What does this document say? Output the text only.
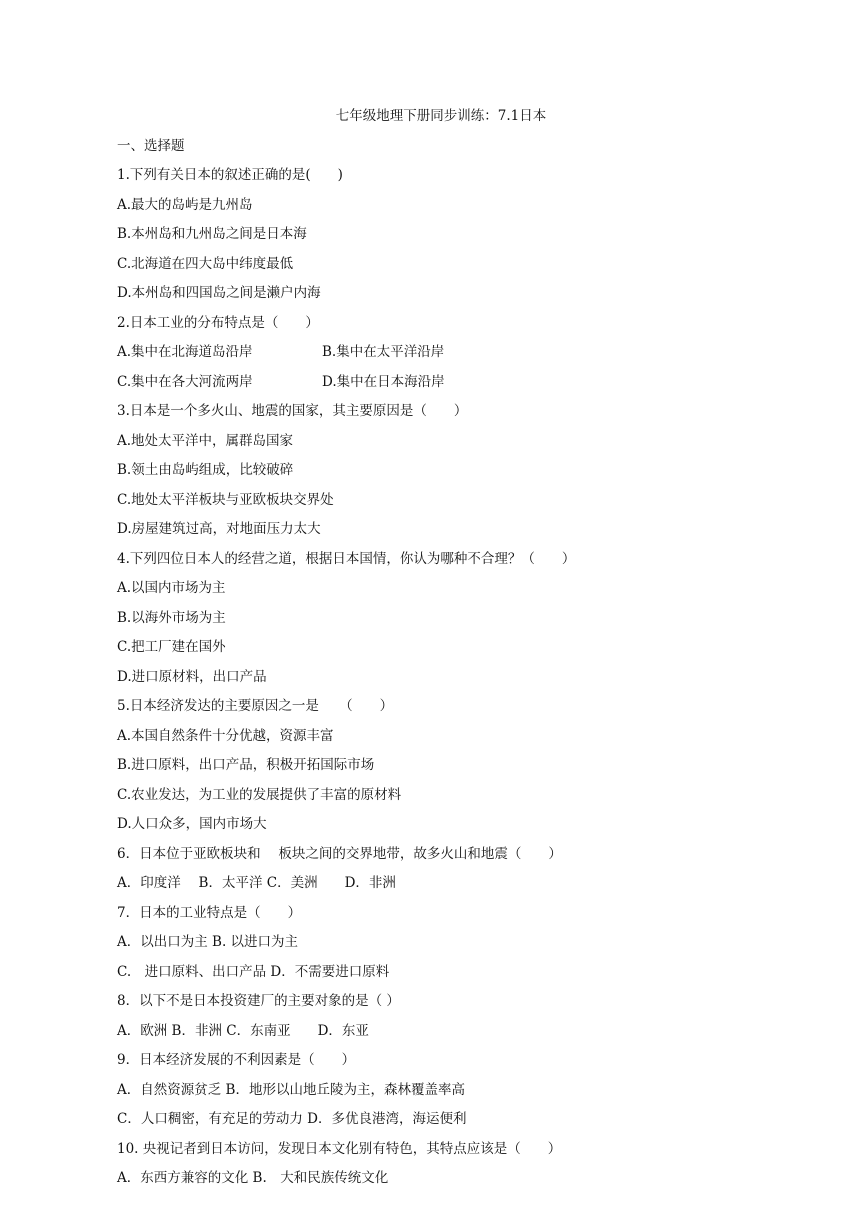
七年级地理下册同步训练：7.1日本
一、选择题
1.下列有关日本的叙述正确的是(　　)
A.最大的岛屿是九州岛
B.本州岛和九州岛之间是日本海
C.北海道在四大岛中纬度最低
D.本州岛和四国岛之间是濑户内海
2.日本工业的分布特点是（　　）
A.集中在北海道岛沿岸	B.集中在太平洋沿岸
C.集中在各大河流两岸	D.集中在日本海沿岸
3.日本是一个多火山、地震的国家，其主要原因是（　　）
A.地处太平洋中，属群岛国家
B.领土由岛屿组成，比较破碎
C.地处太平洋板块与亚欧板块交界处
D.房屋建筑过高，对地面压力太大
4.下列四位日本人的经营之道，根据日本国情，你认为哪种不合理？（　　）
A.以国内市场为主
B.以海外市场为主
C.把工厂建在国外
D.进口原材料，出口产品
5.日本经济发达的主要原因之一是　　（　　）
A.本国自然条件十分优越，资源丰富
B.进口原料，出口产品，积极开拓国际市场
C.农业发达，为工业的发展提供了丰富的原材料
D.人口众多，国内市场大
6．日本位于亚欧板块和　 板块之间的交界地带，故多火山和地震（　　）
A．印度洋　 B．太平洋 C．美洲　　D．非洲
7．日本的工业特点是（　　）
A．以出口为主 B. 以进口为主
C.　进口原料、出口产品 D．不需要进口原料
8．以下不是日本投资建厂的主要对象的是（ ）
A．欧洲 B．非洲 C．东南亚　　D．东亚
9．日本经济发展的不利因素是（　　）
A．自然资源贫乏 B．地形以山地丘陵为主，森林覆盖率高
C．人口稠密，有充足的劳动力 D．多优良港湾，海运便利
10. 央视记者到日本访问，发现日本文化别有特色，其特点应该是（　　）
A．东西方兼容的文化 B.　大和民族传统文化
